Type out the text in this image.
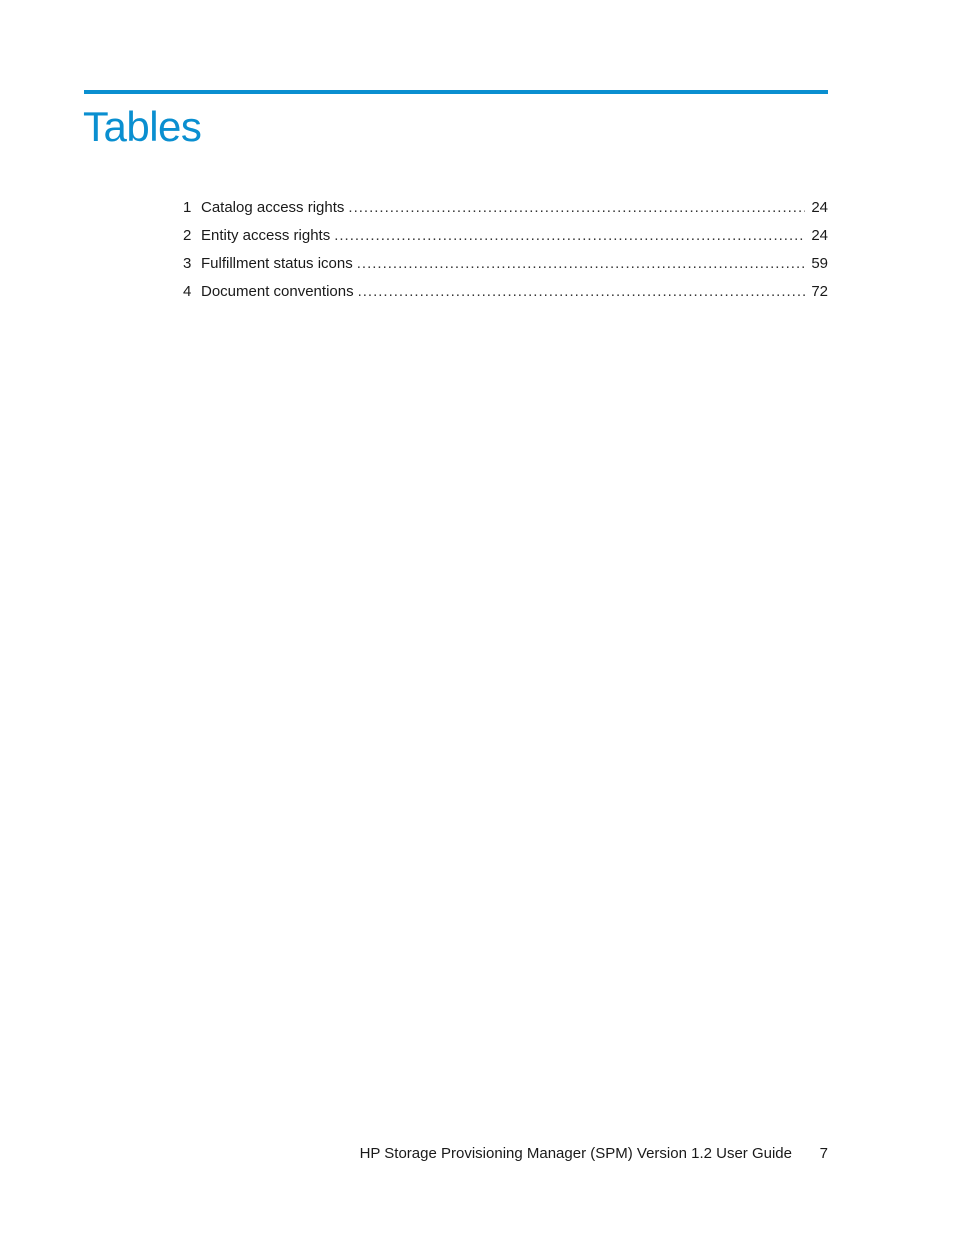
Tables
1 Catalog access rights .....	24
2 Entity access rights .....	24
3 Fulfillment status icons .....	59
4 Document conventions .....	72
HP Storage Provisioning Manager (SPM) Version 1.2 User Guide	7
